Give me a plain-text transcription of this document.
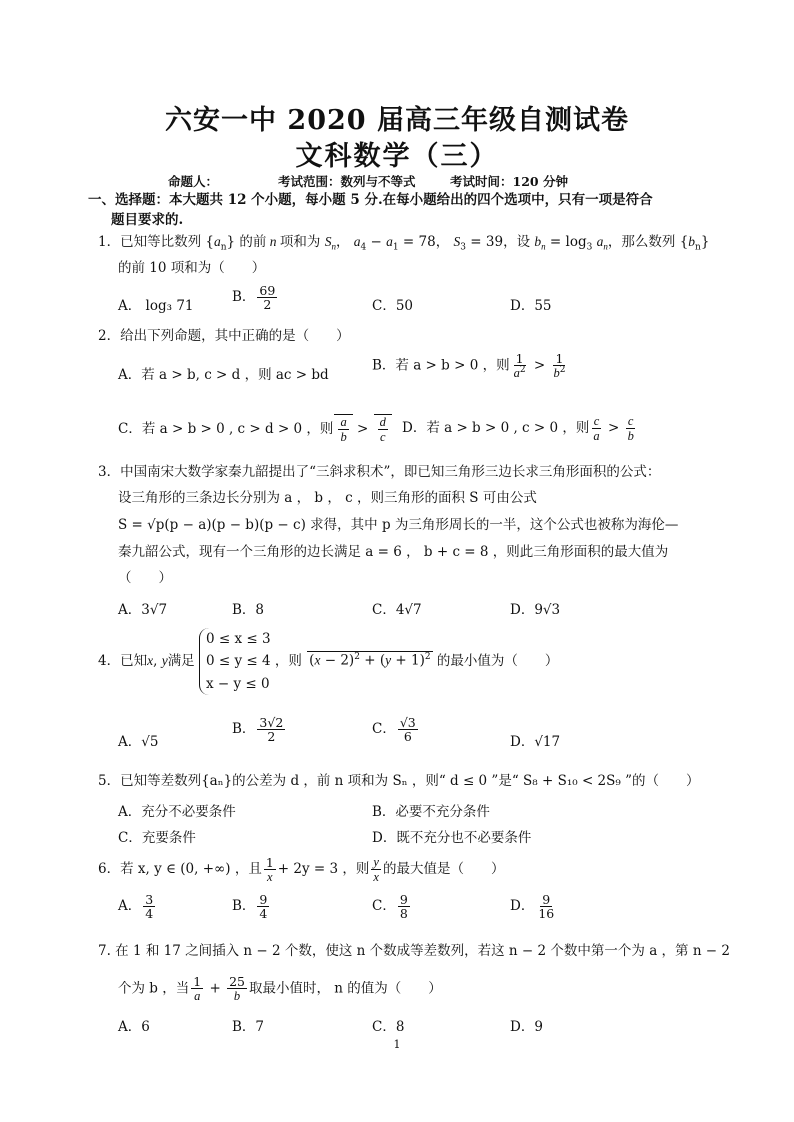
六安一中 2020 届高三年级自测试卷
文科数学（三）
命题人：	考试范围：数列与不等式	考试时间：120 分钟
一、选择题：本大题共 12 个小题，每小题 5 分.在每小题给出的四个选项中，只有一项是符合
题目要求的.
1．已知等比数列 $\{a_n\}$ 的前 n 项和为 $S_n$， $a_4 - a_1 = 78$， $S_3 = 39$，设 $b_n = \log_3 a_n$，那么数列 $\{b_n\}$
的前 10 项和为（　　）
A． log₃ 71
B． $\frac{69}{2}$	C．50	D．55
2．给出下列命题，其中正确的是（　　）
A．若 a > b, c > d ，则 ac > bd
B．若 a > b > 0 ，则 $\frac{1}{a^2} > \frac{1}{b^2}$
C．若 a > b > 0 , c > d > 0 ，则 $\frac{a}{b} > \frac{d}{c}$ D．若 a > b > 0 , c > 0 ，则 $\frac{c}{a} > \frac{c}{b}$
3．中国南宋大数学家秦九韶提出了“三斜求积术”，即已知三角形三边长求三角形面积的公式：
设三角形的三条边长分别为 a ， b ， c ，则三角形的面积 S 可由公式
S = √p(p − a)(p − b)(p − c) 求得，其中 p 为三角形周长的一半，这个公式也被称为海伦—
秦九韶公式，现有一个三角形的边长满足 a = 6 ， b + c = 8 ，则此三角形面积的最大值为
（　　）
A．3√7	B．8	C．4√7	D．9√3
4．已知x, y满足 0 ≤ x ≤ 3
0 ≤ y ≤ 4
x − y ≤ 0 ，则 $(x - 2)^2 + (y + 1)^2$ 的最小值为（　　）
A．√5
B． $\frac{3√2}{2}$	C． $\frac{√3}{6}$	D．√17
5．已知等差数列{aₙ}的公差为 d ，前 n 项和为 Sₙ ，则“ d ≤ 0 ”是“ S₈ + S₁₀ < 2S₉ ”的（　　）
A．充分不必要条件	B．必要不充分条件
C．充要条件	D．既不充分也不必要条件
6．若 x, y ∈ (0, +∞) ，且 $\frac{1}{x} + 2y = 3$ ，则 $\frac{y}{x}$ 的最大值是（　　）
A． $\frac{3}{4}$	B． $\frac{9}{4}$	C． $\frac{9}{8}$	D． $\frac{9}{16}$
7. 在 1 和 17 之间插入 n − 2 个数，使这 n 个数成等差数列，若这 n − 2 个数中第一个为 a ，第 n − 2
个为 b ，当 $\frac{1}{a} + \frac{25}{b}$ 取最小值时， n 的值为（　　）
A．6	B．7	C．8	D．9
1
